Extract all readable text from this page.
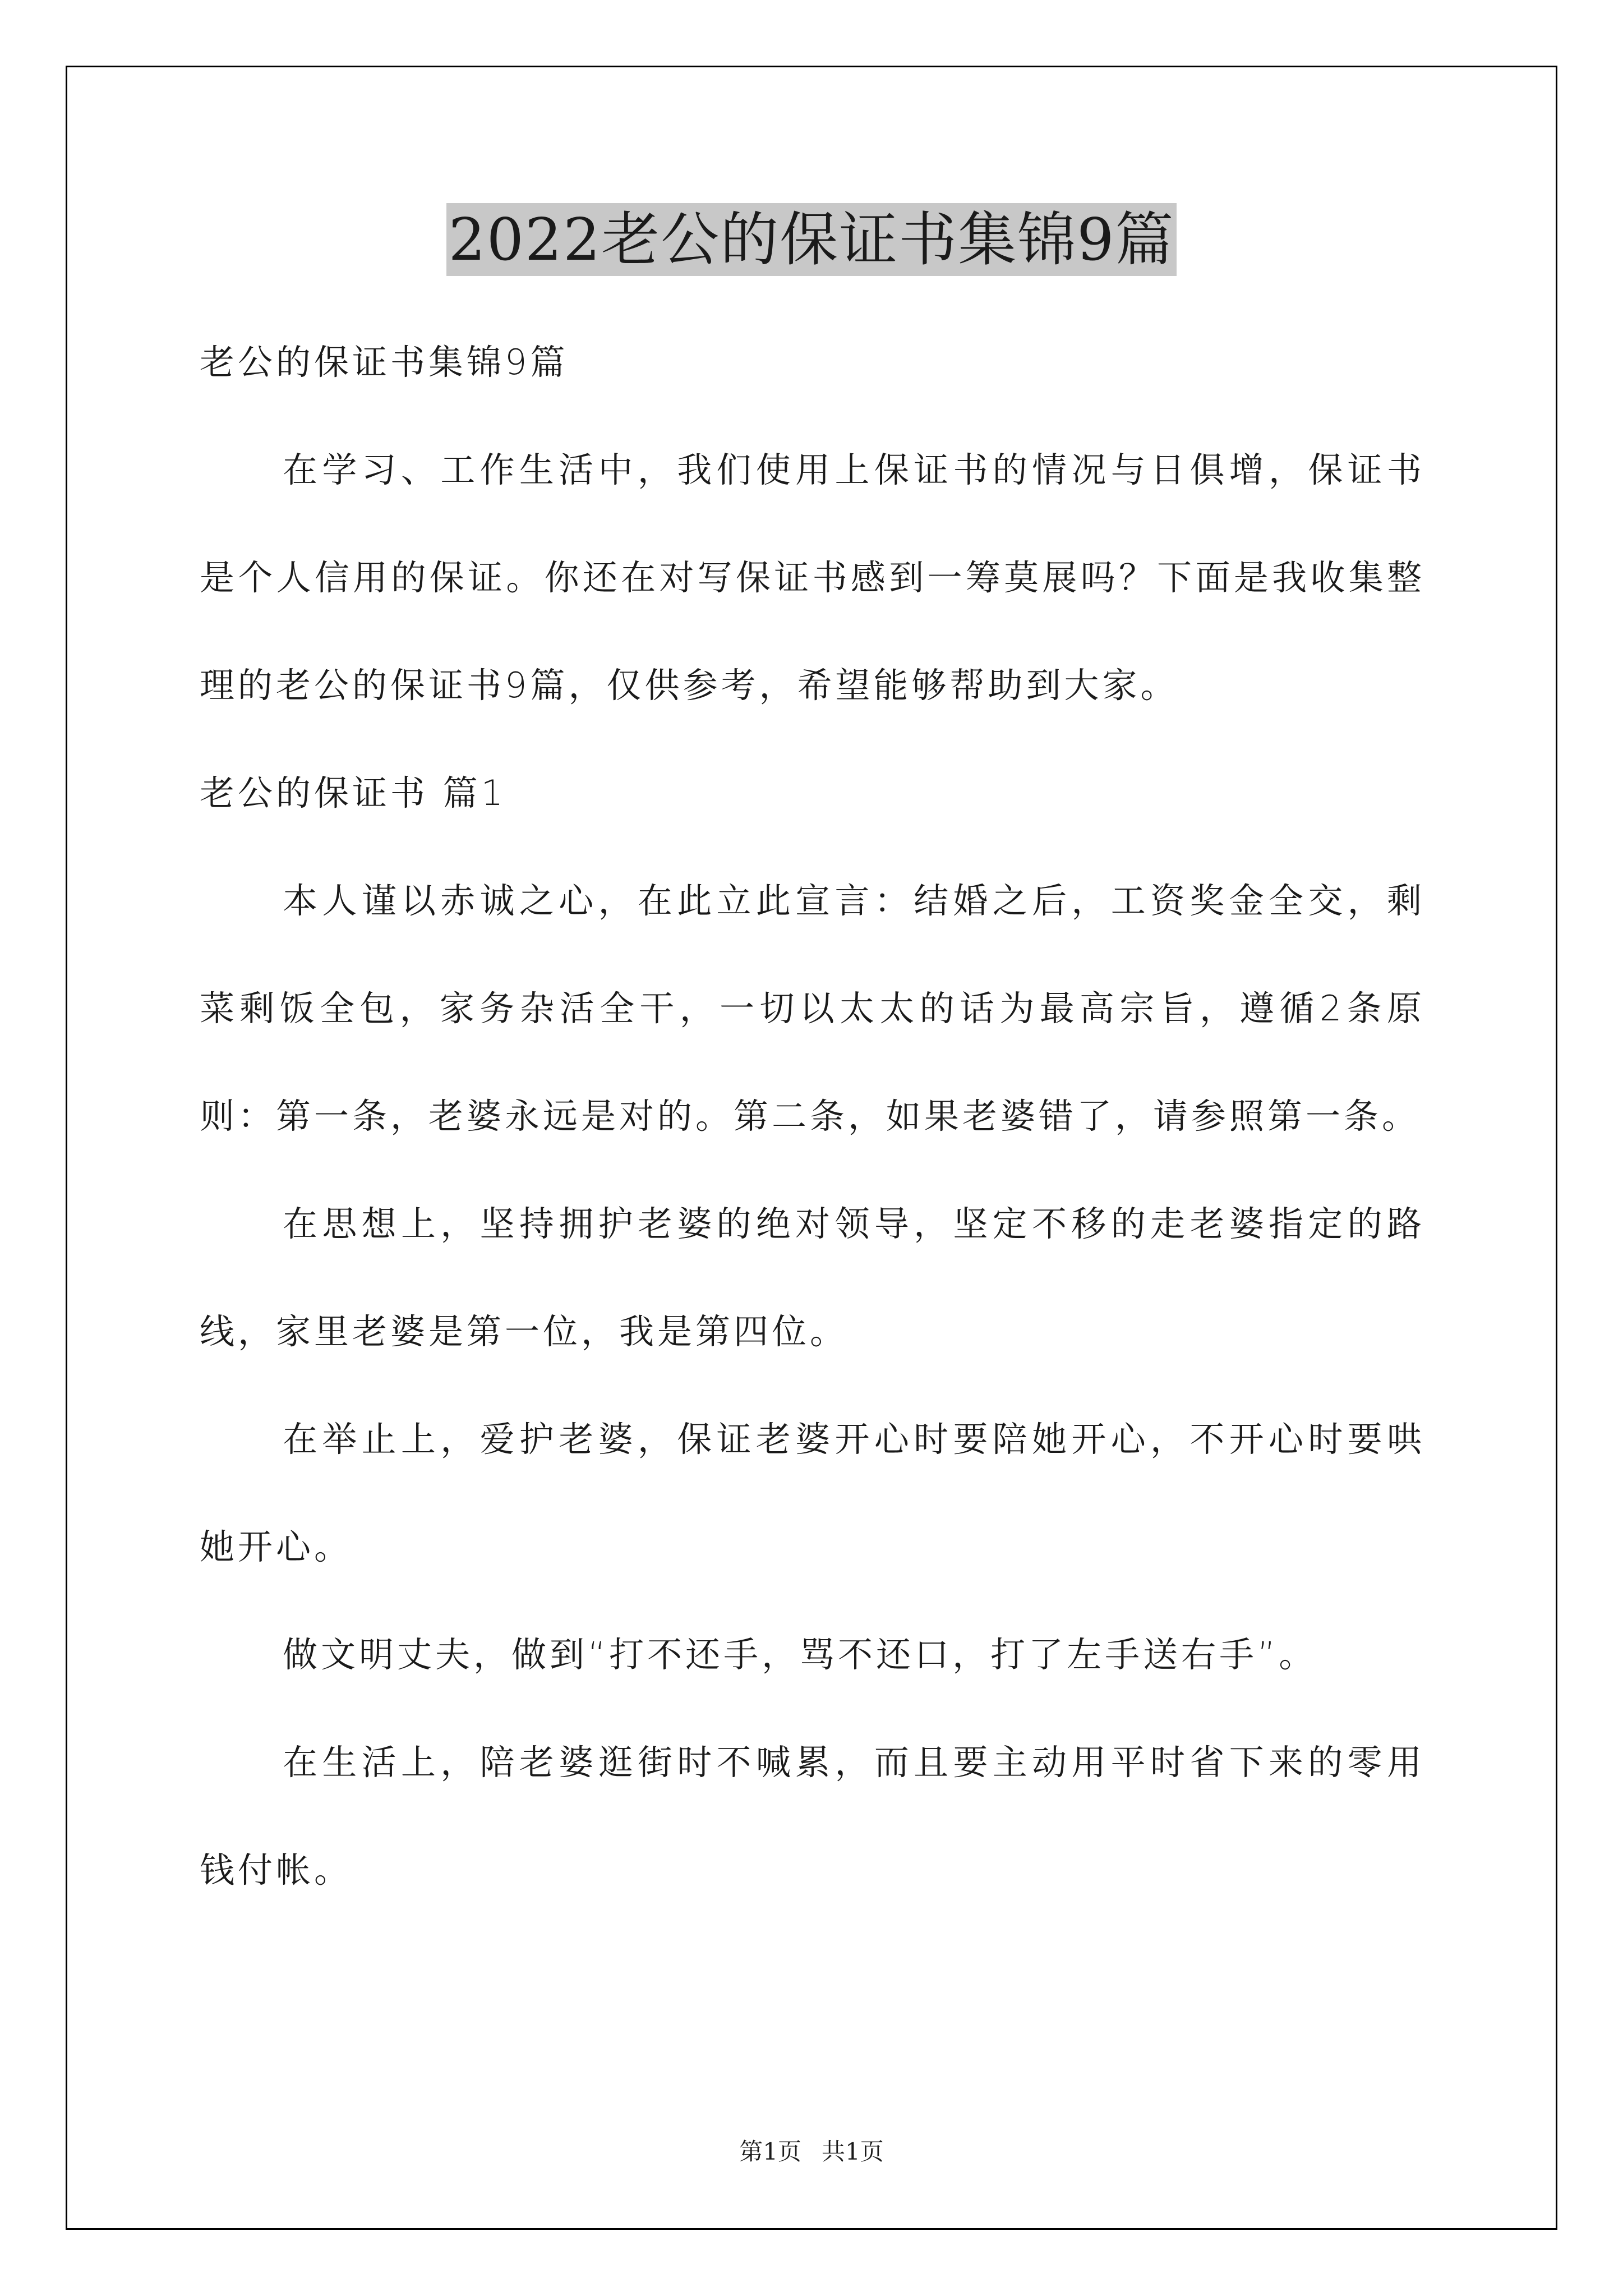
2022老公的保证书集锦9篇

老公的保证书集锦9篇

在学习、工作生活中，我们使用上保证书的情况与日俱增，保证书是个人信用的保证。你还在对写保证书感到一筹莫展吗？下面是我收集整理的老公的保证书9篇，仅供参考，希望能够帮助到大家。

老公的保证书 篇1

本人谨以赤诚之心，在此立此宣言：结婚之后，工资奖金全交，剩菜剩饭全包，家务杂活全干，一切以太太的话为最高宗旨，遵循2条原则：第一条，老婆永远是对的。第二条，如果老婆错了，请参照第一条。

在思想上，坚持拥护老婆的绝对领导，坚定不移的走老婆指定的路线，家里老婆是第一位，我是第四位。

在举止上，爱护老婆，保证老婆开心时要陪她开心，不开心时要哄她开心。

做文明丈夫，做到“打不还手，骂不还口，打了左手送右手”。

在生活上，陪老婆逛街时不喊累，而且要主动用平时省下来的零用钱付帐。

第1页 共1页
